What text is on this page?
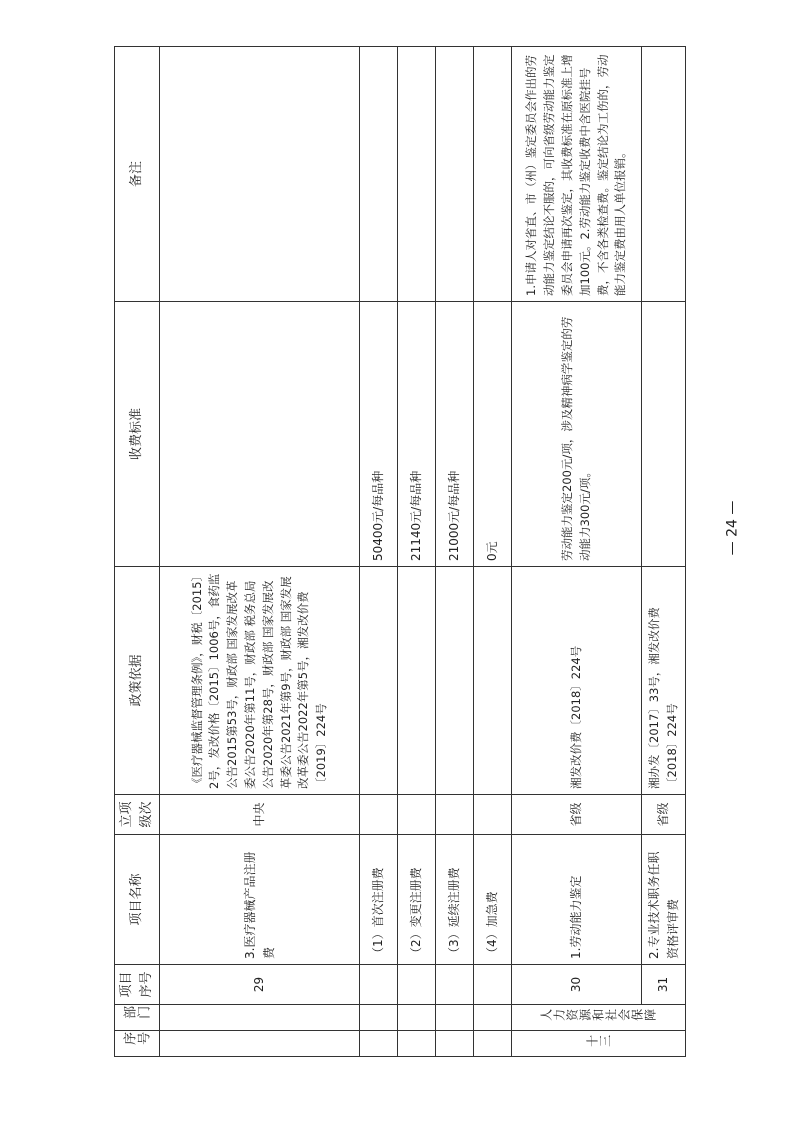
序号	部门	项目序号	项目名称	立项级次	政策依据	收费标准	备注
		29	3.医疗器械产品注册费	中央	《医疗器械监督管理条例》，财税〔2015〕2号，发改价格〔2015〕1006号，食药监公告2015第53号，财政部 国家发展改革委公告2020年第11号，财政部 税务总局公告2020年第28号，财政部 国家发展改革委公告2021年第9号，财政部 国家发展改革委公告2022年第5号，湘发改价费〔2019〕224号		
			（1）首次注册费			50400元/每品种	
			（2）变更注册费			21140元/每品种	
			（3）延续注册费			21000元/每品种	
			（4）加急费			0元	

十三	人力资源和社会保障	30	1.劳动能力鉴定	省级	湘发改价费〔2018〕224号	劳动能力鉴定200元/项，涉及精神病学鉴定的劳动能力300元/项。	1.申请人对省直、市（州）鉴定委员会作出的劳动能力鉴定结论不服的，可向省级劳动能力鉴定委员会申请再次鉴定，其收费标准在原标准上增加100元。2.劳动能力鉴定收费中含医院挂号费，不含各类检查费。鉴定结论为工伤的，劳动能力鉴定费由用人单位报销。
		31	2.专业技术职务任职资格评审费	省级	湘办发〔2017〕33号，湘发改价费〔2018〕224号		
— 24 —
